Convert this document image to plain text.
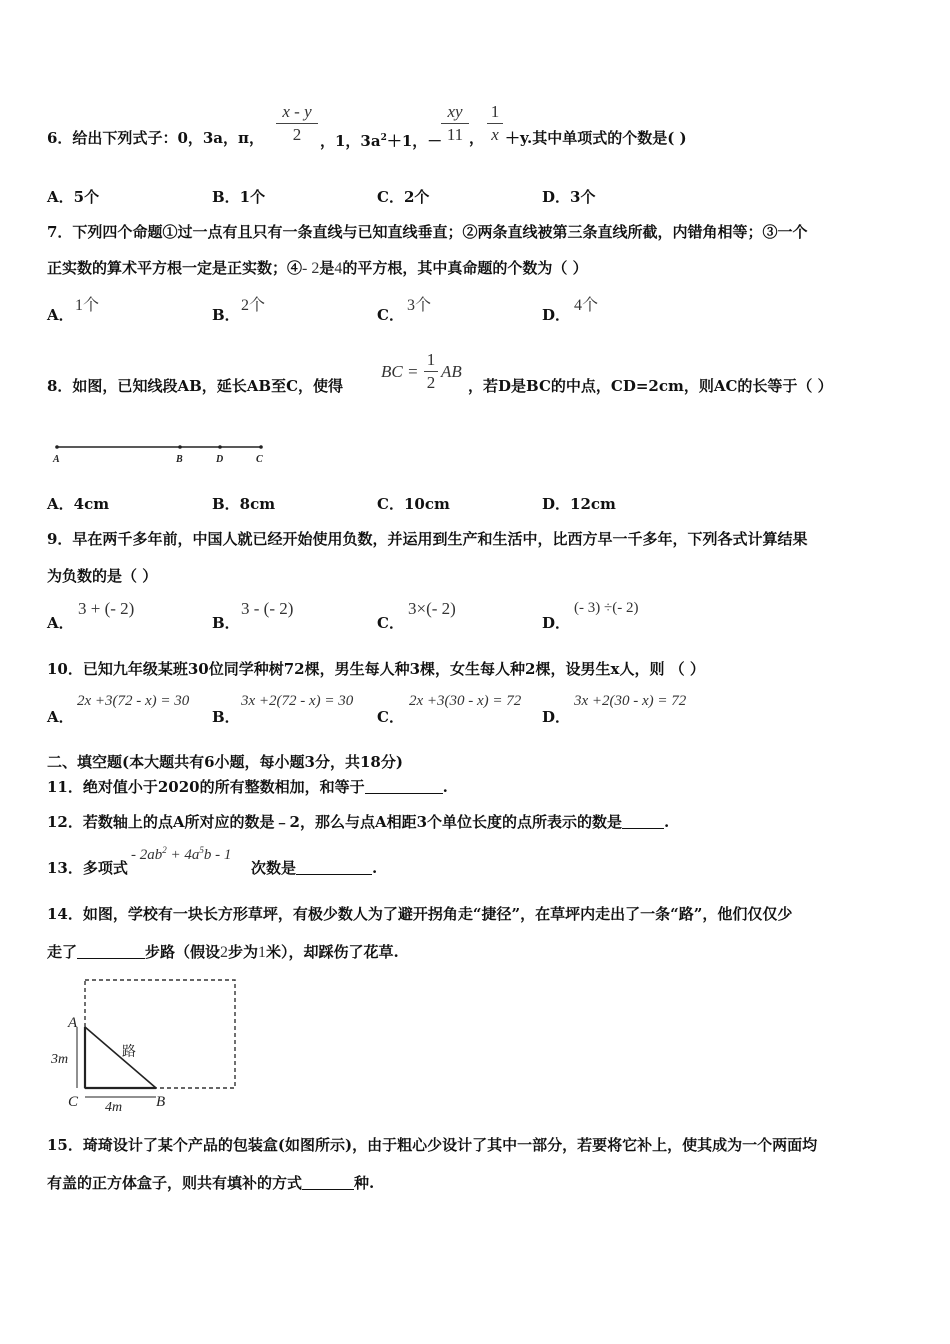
6．给出下列式子：0，3a，π，
x - y
2	，1，$3a^2+1$，－
xy
11 ，
1
x ＋y.其中单项式的个数是( )
A．5个	B．1个	C．2个	D．3个
7．下列四个命题①过一点有且只有一条直线与已知直线垂直；②两条直线被第三条直线所截，内错角相等；③一个
正实数的算术平方根一定是正实数；④- 2是4的平方根，其中真命题的个数为（ ）
A．
1个
B．
2个
C．
3个
D．
4个
8．如图，已知线段AB，延长AB至C，使得
BC =
1
2
AB
，若D是BC的中点，CD=2cm，则AC的长等于（ ）
A	B	D	C
A．4cm	B．8cm	C．10cm	D．12cm
9．早在两千多年前，中国人就已经开始使用负数，并运用到生产和生活中，比西方早一千多年，下列各式计算结果
为负数的是（ ）
A．
3 + (- 2)
B．
3 - (- 2)
C．
3×(- 2)
D．
(- 3) ÷(- 2)
10．已知九年级某班30位同学种树72棵，男生每人种3棵，女生每人种2棵，设男生x人，则 （ ）
A．
2x +3(72 - x) = 30
B．
3x +2(72 - x) = 30
C．
2x +3(30 - x) = 72
D．
3x +2(30 - x) = 72
二、填空题(本大题共有6小题，每小题3分，共18分)
11．绝对值小于2020的所有整数相加，和等于	.
12．若数轴上的点A所对应的数是﹣2，那么与点A相距3个单位长度的点所表示的数是	.
13．多项式
- $2ab^2 + 4a^5b - 1$
次数是	.
14．如图，学校有一块长方形草坪，有极少数人为了避开拐角走“捷径”，在草坪内走出了一条“路”，他们仅仅少
走了	步路（假设2步为1米），却踩伤了花草.
A
C	B
3m
4m
路
15．琦琦设计了某个产品的包装盒(如图所示)，由于粗心少设计了其中一部分，若要将它补上，使其成为一个两面均
有盖的正方体盒子，则共有填补的方式	种.
